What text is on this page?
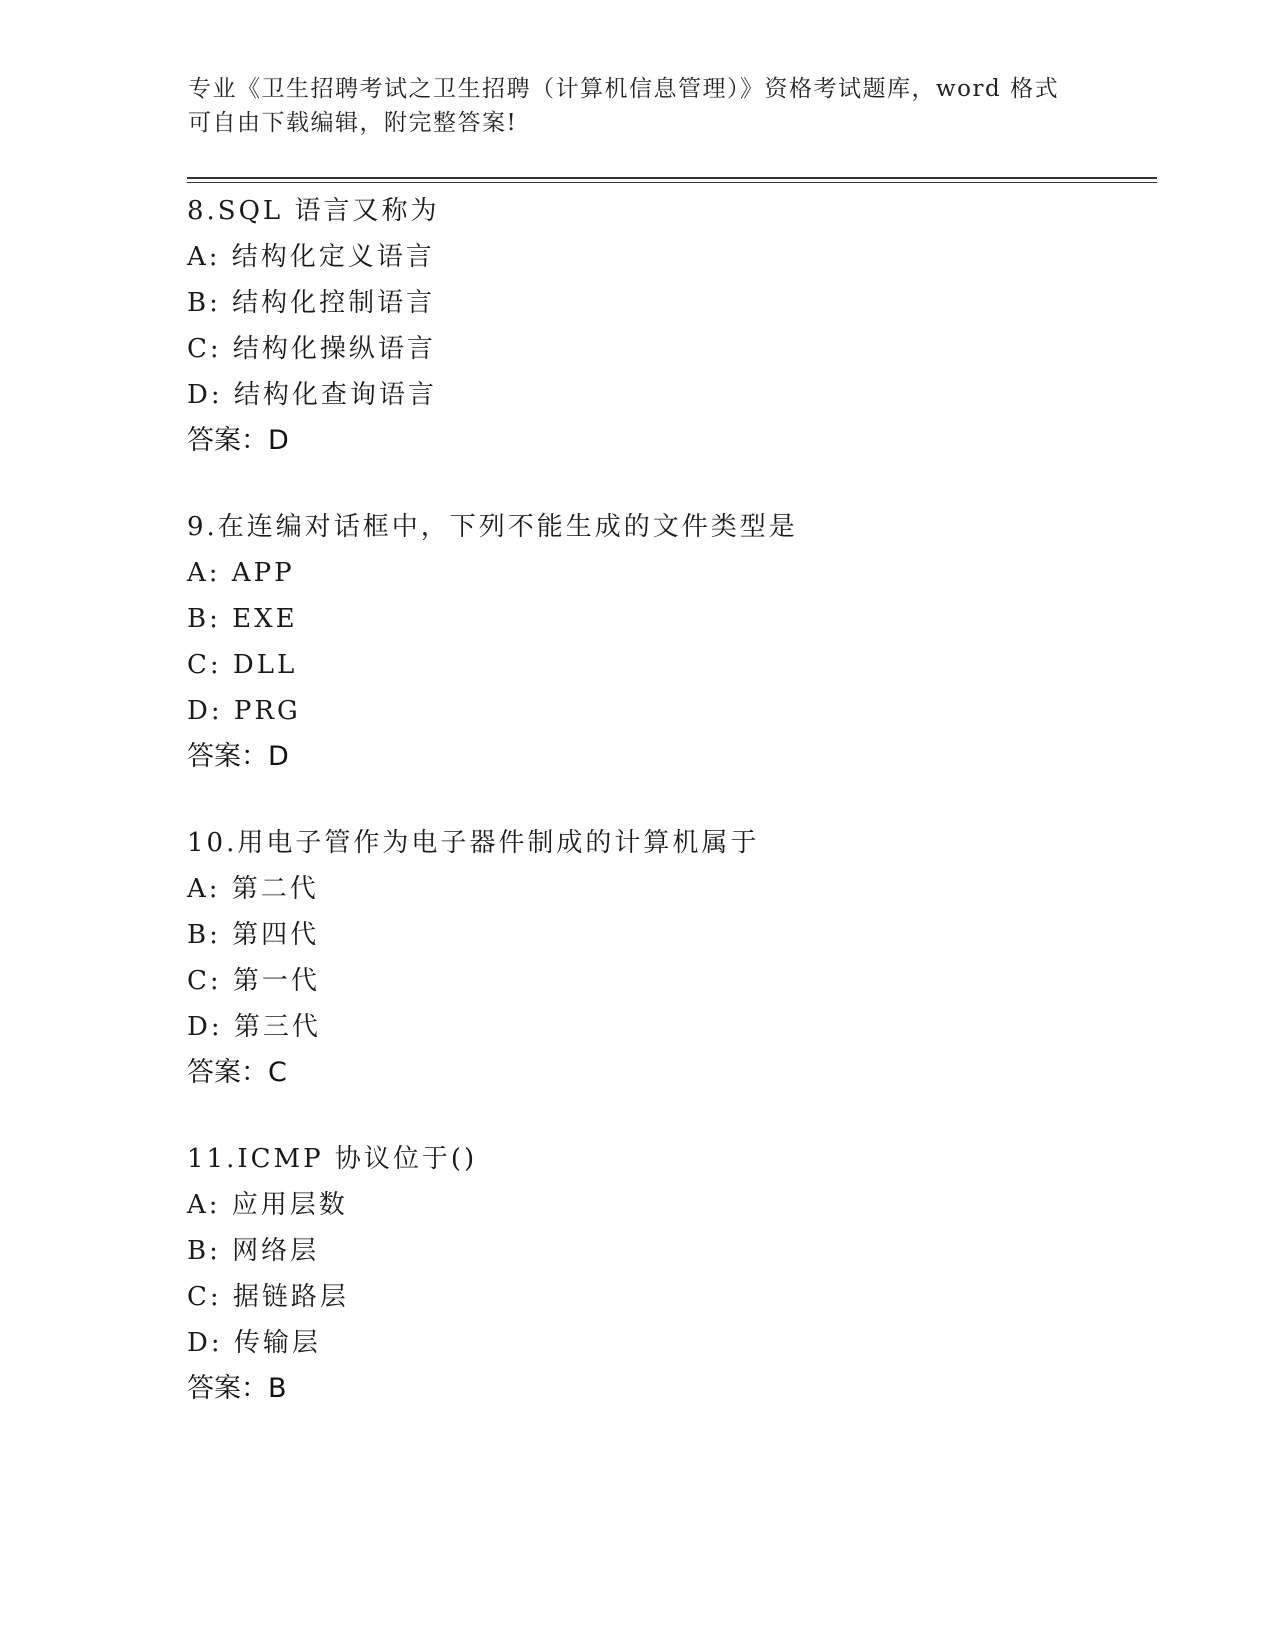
专业《卫生招聘考试之卫生招聘（计算机信息管理）》资格考试题库，word 格式
可自由下载编辑，附完整答案!
8.SQL 语言又称为
A: 结构化定义语言
B: 结构化控制语言
C: 结构化操纵语言
D: 结构化查询语言
答案：D
9.在连编对话框中，下列不能生成的文件类型是
A: APP
B: EXE
C: DLL
D: PRG
答案：D
10.用电子管作为电子器件制成的计算机属于
A: 第二代
B: 第四代
C: 第一代
D: 第三代
答案：C
11.ICMP 协议位于()
A: 应用层数
B: 网络层
C: 据链路层
D: 传输层
答案：B
